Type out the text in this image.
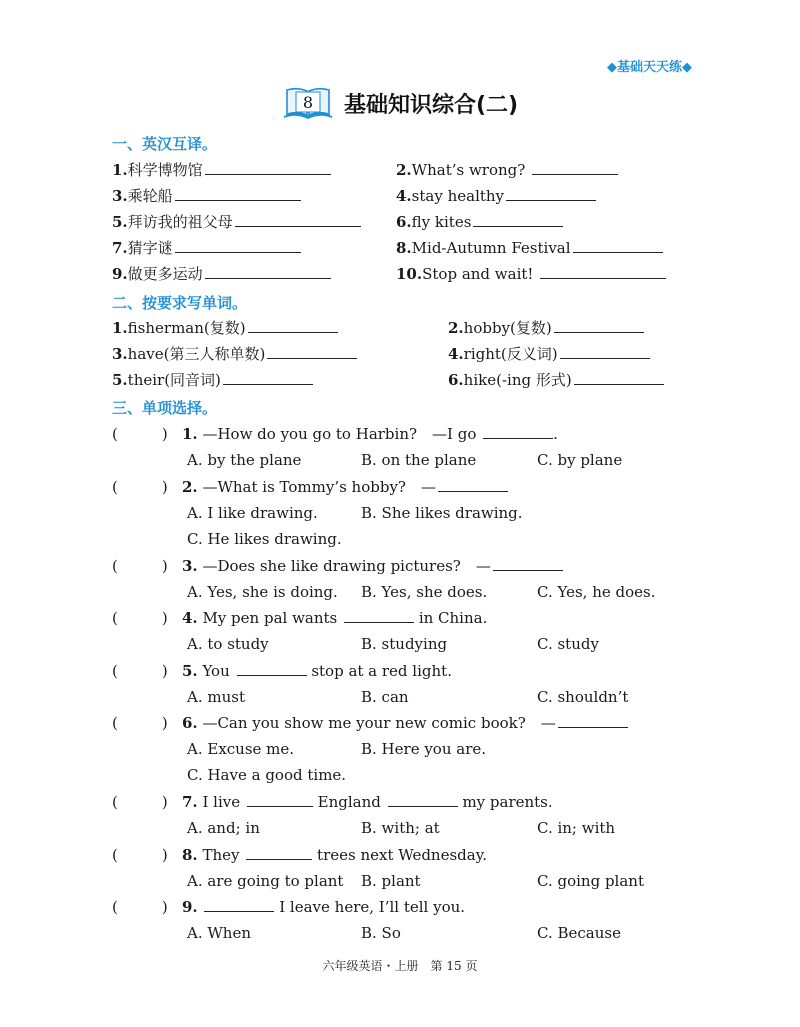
◆基础天天练◆
8 基础知识综合(二)
一、英汉互译。
1.科学博物馆	2.What’s wrong?
3.乘轮船	4.stay healthy
5.拜访我的祖父母	6.fly kites
7.猜字谜	8.Mid-Autumn Festival
9.做更多运动	10.Stop and wait!
二、按要求写单词。
1.fisherman(复数)	2.hobby(复数)
3.have(第三人称单数)	4.right(反义词)
5.their(同音词)	6.hike(-ing 形式)
三、单项选择。
(	) 1. —How do you go to Harbin?　—I go	.
A. by the plane	B. on the plane	C. by plane
(	) 2. —What is Tommy’s hobby?　—
A. I like drawing.	B. She likes drawing.
C. He likes drawing.
(	) 3. —Does she like drawing pictures?　—
A. Yes, she is doing. B. Yes, she does.	C. Yes, he does.
(	) 4. My pen pal wants	in China.
A. to study	B. studying	C. study
(	) 5. You	stop at a red light.
A. must	B. can	C. shouldn’t
(	) 6. —Can you show me your new comic book?　—
A. Excuse me.	B. Here you are.
C. Have a good time.
(	) 7. I live	England	my parents.
A. and; in	B. with; at	C. in; with
(	) 8. They	trees next Wednesday.
A. are going to plant B. plant	C. going plant
(	) 9.	I leave here, I’ll tell you.
A. When	B. So	C. Because
六年级英语・上册　第 15 页
